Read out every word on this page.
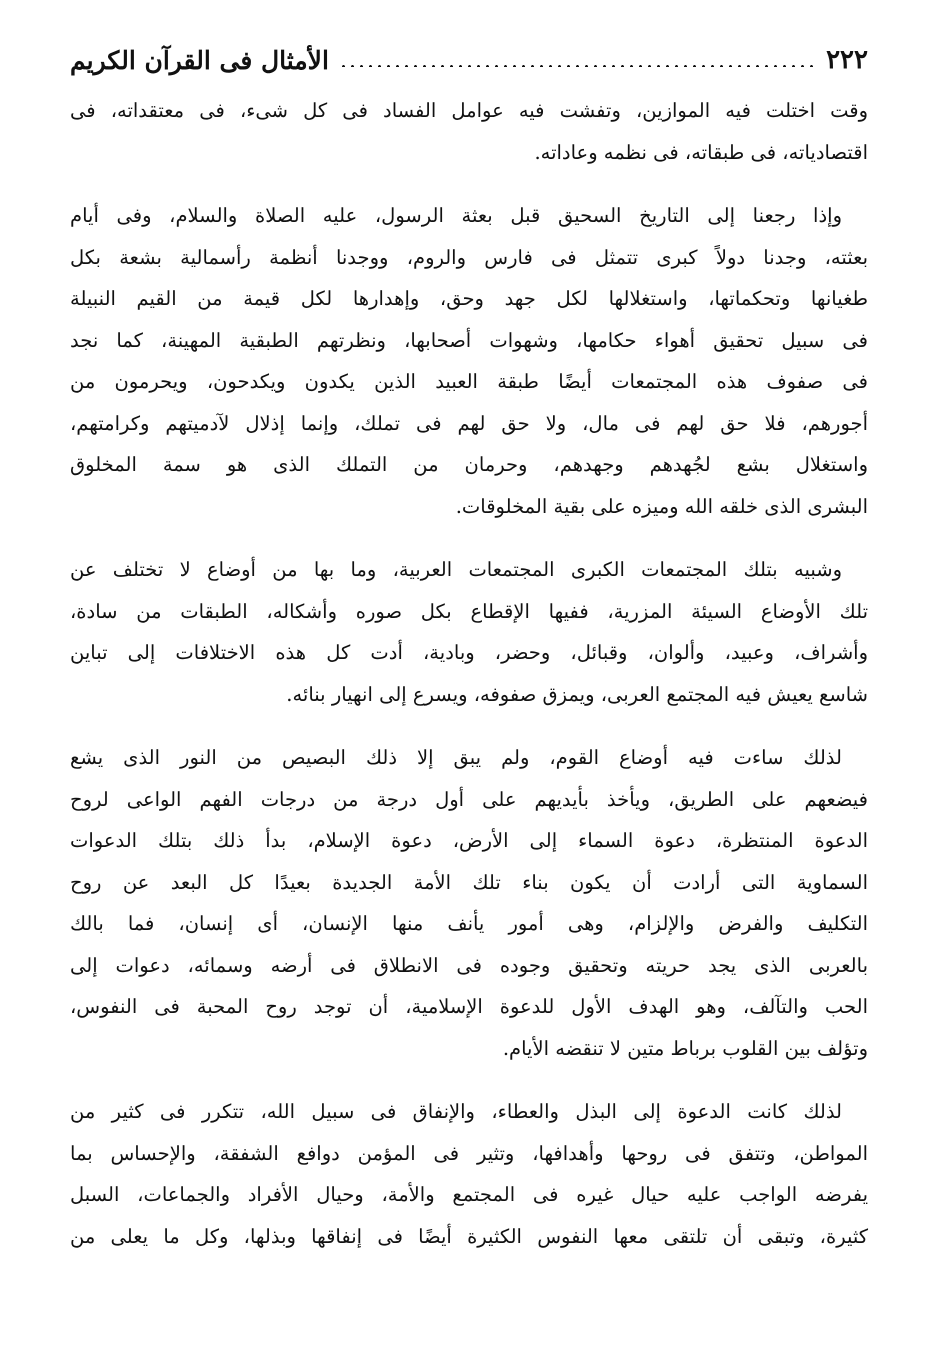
٢٢٢
الأمثال فى القرآن الكريم

وقت اختلت فيه الموازين، وتفشت فيه عوامل الفساد فى كل شىء، فى معتقداته، فى
اقتصادياته، فى طبقاته، فى نظمه وعاداته.

وإذا رجعنا إلى التاريخ السحيق قبل بعثة الرسول، عليه الصلاة والسلام، وفى أيام
بعثته، وجدنا دولاً كبرى تتمثل فى فارس والروم، ووجدنا أنظمة رأسمالية بشعة بكل
طغيانها وتحكماتها، واستغلالها لكل جهد وحق، وإهدارها لكل قيمة من القيم النبيلة
فى سبيل تحقيق أهواء حكامها، وشهوات أصحابها، ونظرتهم الطبقية المهينة، كما نجد
فى صفوف هذه المجتمعات أيضًا طبقة العبيد الذين يكدون ويكدحون، ويحرمون من
أجورهم، فلا حق لهم فى مال، ولا حق لهم فى تملك، وإنما إذلال لآدميتهم وكرامتهم،
واستغلال بشع لجُهدهم وجهدهم، وحرمان من التملك الذى هو سمة المخلوق
البشرى الذى خلقه الله وميزه على بقية المخلوقات.

وشبيه بتلك المجتمعات الكبرى المجتمعات العربية، وما بها من أوضاع لا تختلف عن
تلك الأوضاع السيئة المزرية، ففيها الإقطاع بكل صوره وأشكاله، الطبقات من سادة،
وأشراف، وعبيد، وألوان، وقبائل، وحضر، وبادية، أدت كل هذه الاختلافات إلى تباين
شاسع يعيش فيه المجتمع العربى، ويمزق صفوفه، ويسرع إلى انهيار بنائه.

لذلك ساءت فيه أوضاع القوم، ولم يبق إلا ذلك البصيص من النور الذى يشع
فيضعهم على الطريق، ويأخذ بأيديهم على أول درجة من درجات الفهم الواعى لروح
الدعوة المنتظرة، دعوة السماء إلى الأرض، دعوة الإسلام، بدأ ذلك بتلك الدعوات
السماوية التى أرادت أن يكون بناء تلك الأمة الجديدة بعيدًا كل البعد عن روح
التكليف والفرض والإلزام، وهى أمور يأنف منها الإنسان، أى إنسان، فما بالك
بالعربى الذى يجد حريته وتحقيق وجوده فى الانطلاق فى أرضه وسمائه، دعوات إلى
الحب والتآلف، وهو الهدف الأول للدعوة الإسلامية، أن توجد روح المحبة فى النفوس،
وتؤلف بين القلوب برباط متين لا تنقضه الأيام.

لذلك كانت الدعوة إلى البذل والعطاء، والإنفاق فى سبيل الله، تتكرر فى كثير من
المواطن، وتتفق فى روحها وأهدافها، وتثير فى المؤمن دوافع الشفقة، والإحساس بما
يفرضه الواجب عليه حيال غيره فى المجتمع والأمة، وحيال الأفراد والجماعات، السبل
كثيرة، وتبقى أن تلتقى معها النفوس الكثيرة أيضًا فى إنفاقها وبذلها، وكل ما يعلى من
